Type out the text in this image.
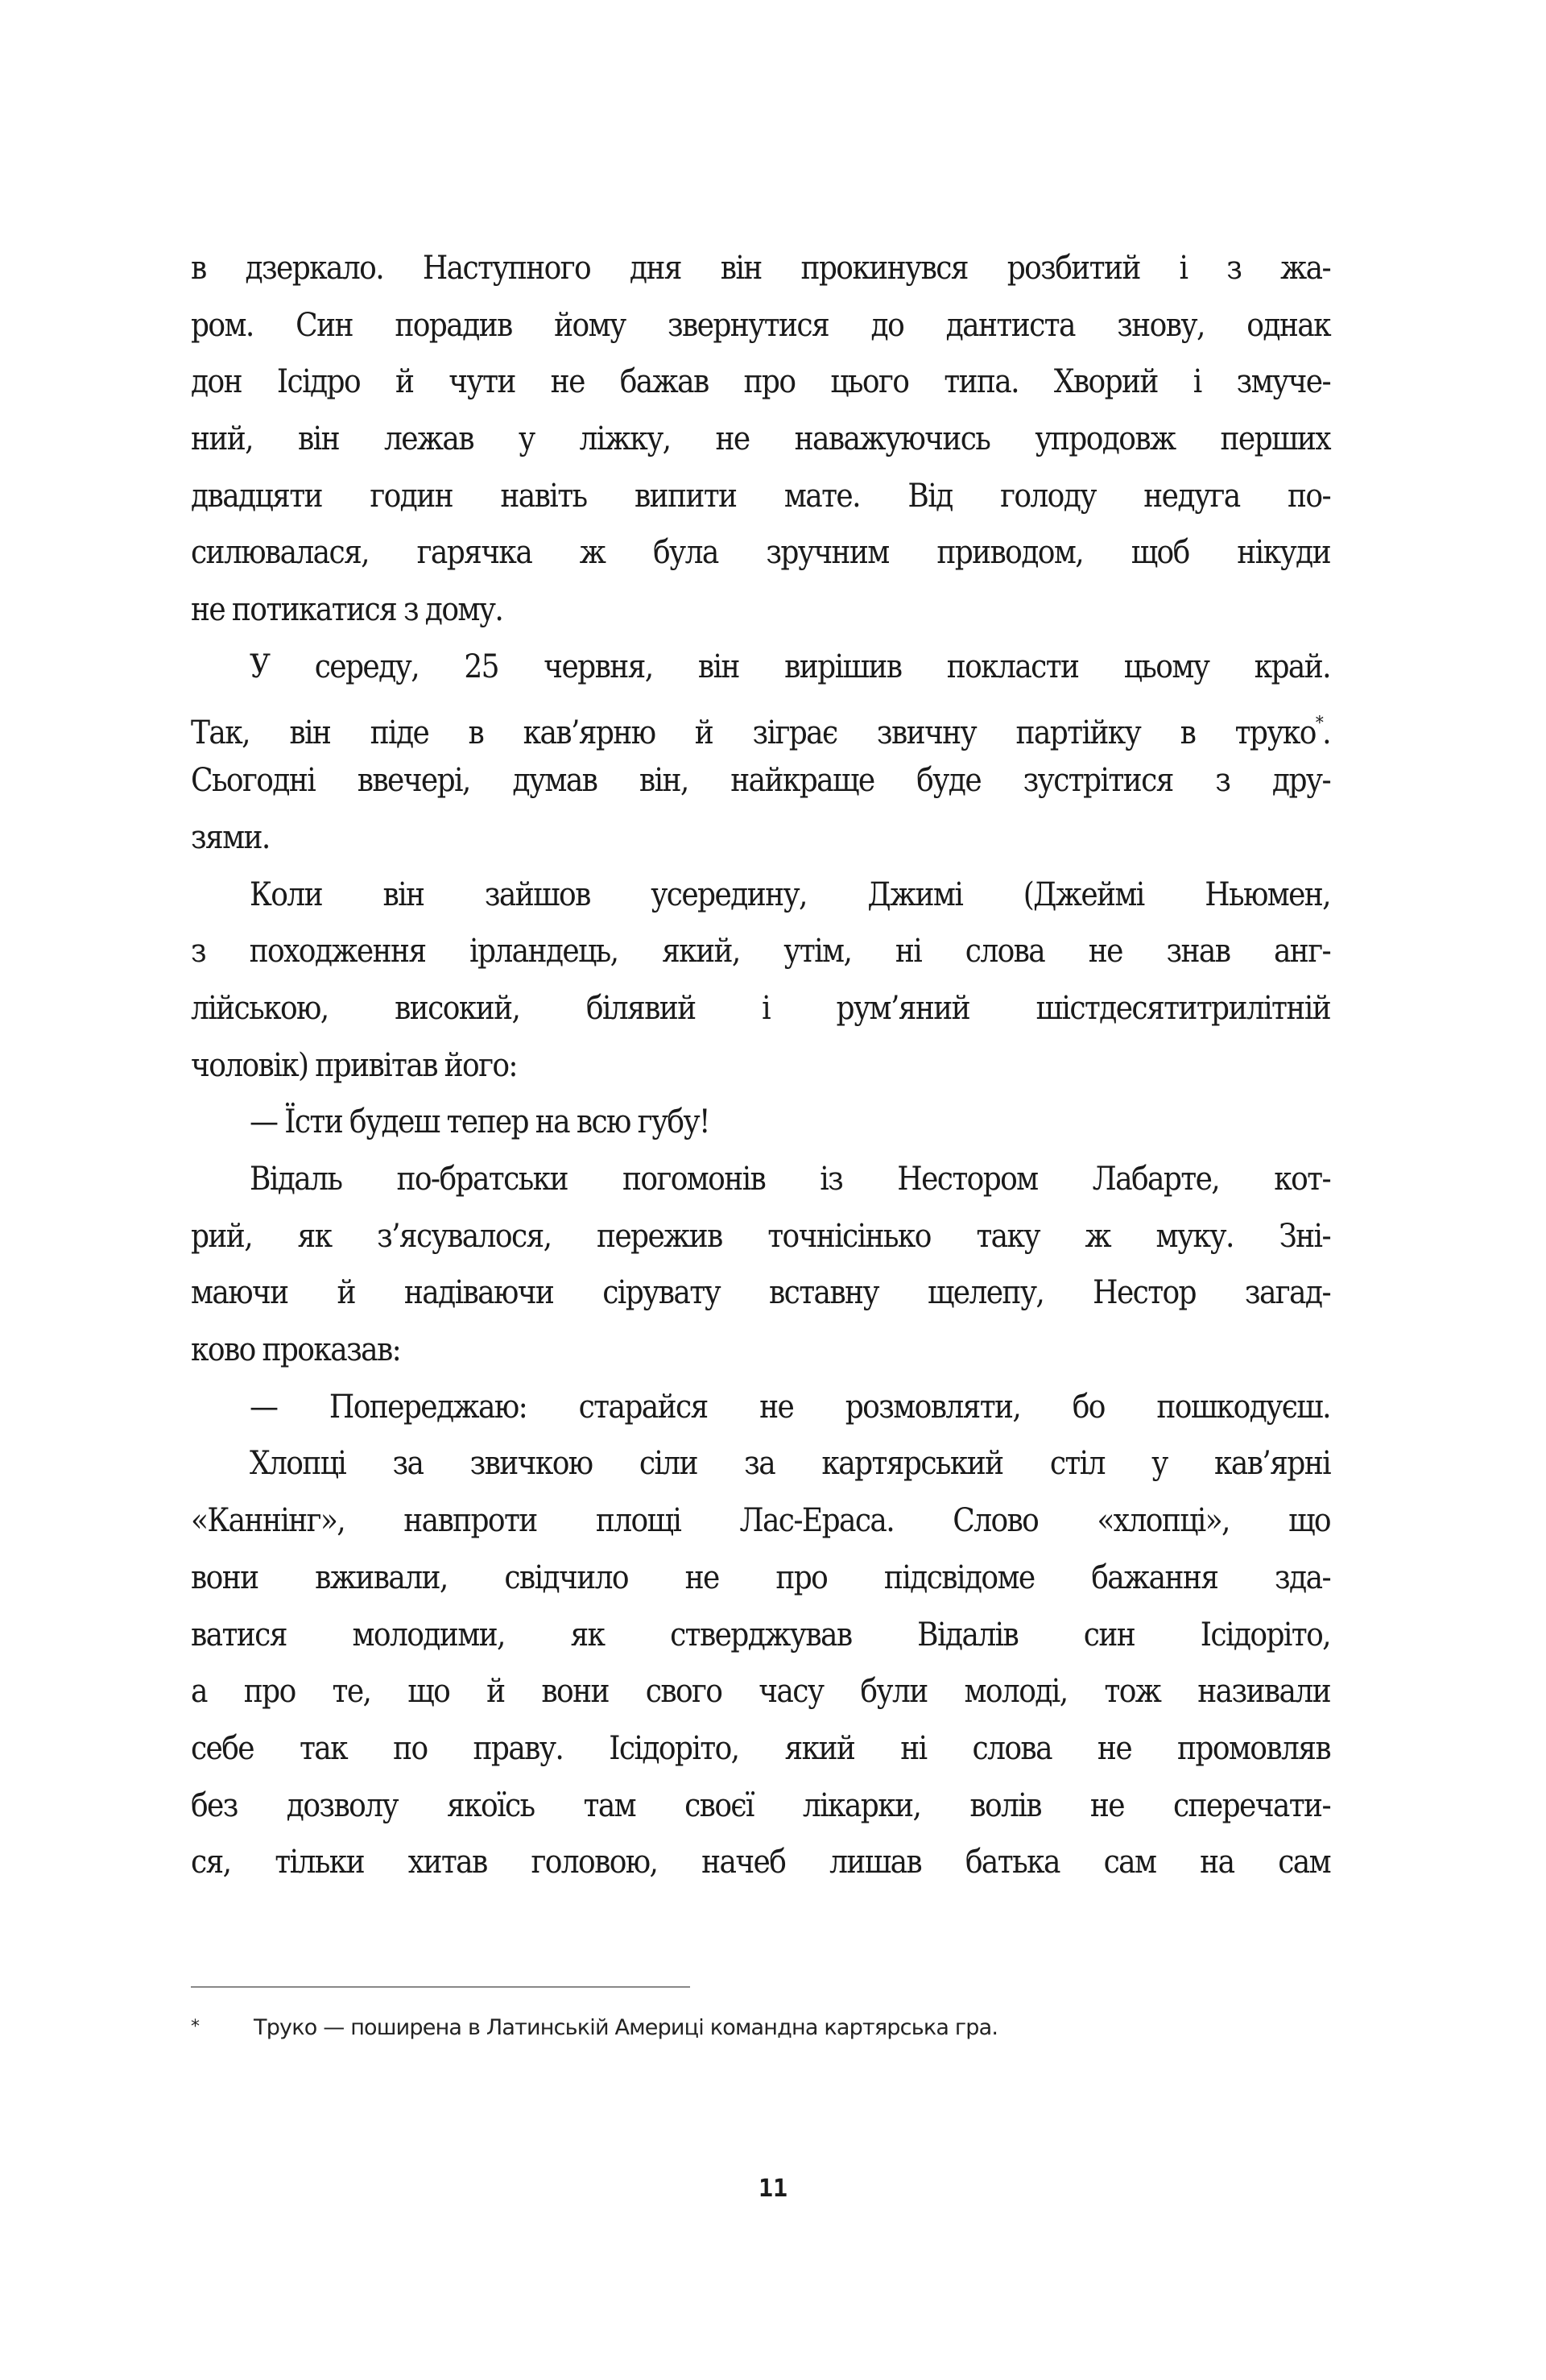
в дзеркало. Наступного дня він прокинувся розбитий і з жа-
ром. Син порадив йому звернутися до дантиста знову, однак
дон Ісідро й чути не бажав про цього типа. Хворий і змуче-
ний, він лежав у ліжку, не наважуючись упродовж перших
двадцяти годин навіть випити мате. Від голоду недуга по-
силювалася, гарячка ж була зручним приводом, щоб нікуди
не потикатися з дому.
У середу, 25 червня, він вирішив покласти цьому край.
Так, він піде в кав’ярню й зіграє звичну партійку в труко*.
Сьогодні ввечері, думав він, найкраще буде зустрітися з дру-
зями.
Коли він зайшов усередину, Джимі (Джеймі Ньюмен,
з походження ірландець, який, утім, ні слова не знав анг-
лійською, високий, білявий і рум’яний шістдесятитрилітній
чоловік) привітав його:
— Їсти будеш тепер на всю губу!
Відаль по-братськи погомонів із Нестором Лабарте, кот-
рий, як з’ясувалося, пережив точнісінько таку ж муку. Зні-
маючи й надіваючи сірувату вставну щелепу, Нестор загад-
ково проказав:
— Попереджаю: старайся не розмовляти, бо пошкодуєш.
Хлопці за звичкою сіли за картярський стіл у кав’ярні
«Каннінг», навпроти площі Лас-Ераса. Слово «хлопці», що
вони вживали, свідчило не про підсвідоме бажання зда-
ватися молодими, як стверджував Відалів син Ісідоріто,
а про те, що й вони свого часу були молоді, тож називали
себе так по праву. Ісідоріто, який ні слова не промовляв
без дозволу якоїсь там своєї лікарки, волів не сперечати-
ся, тільки хитав головою, начеб лишав батька сам на сам
*	Труко — поширена в Латинській Америці командна картярська гра.
11
